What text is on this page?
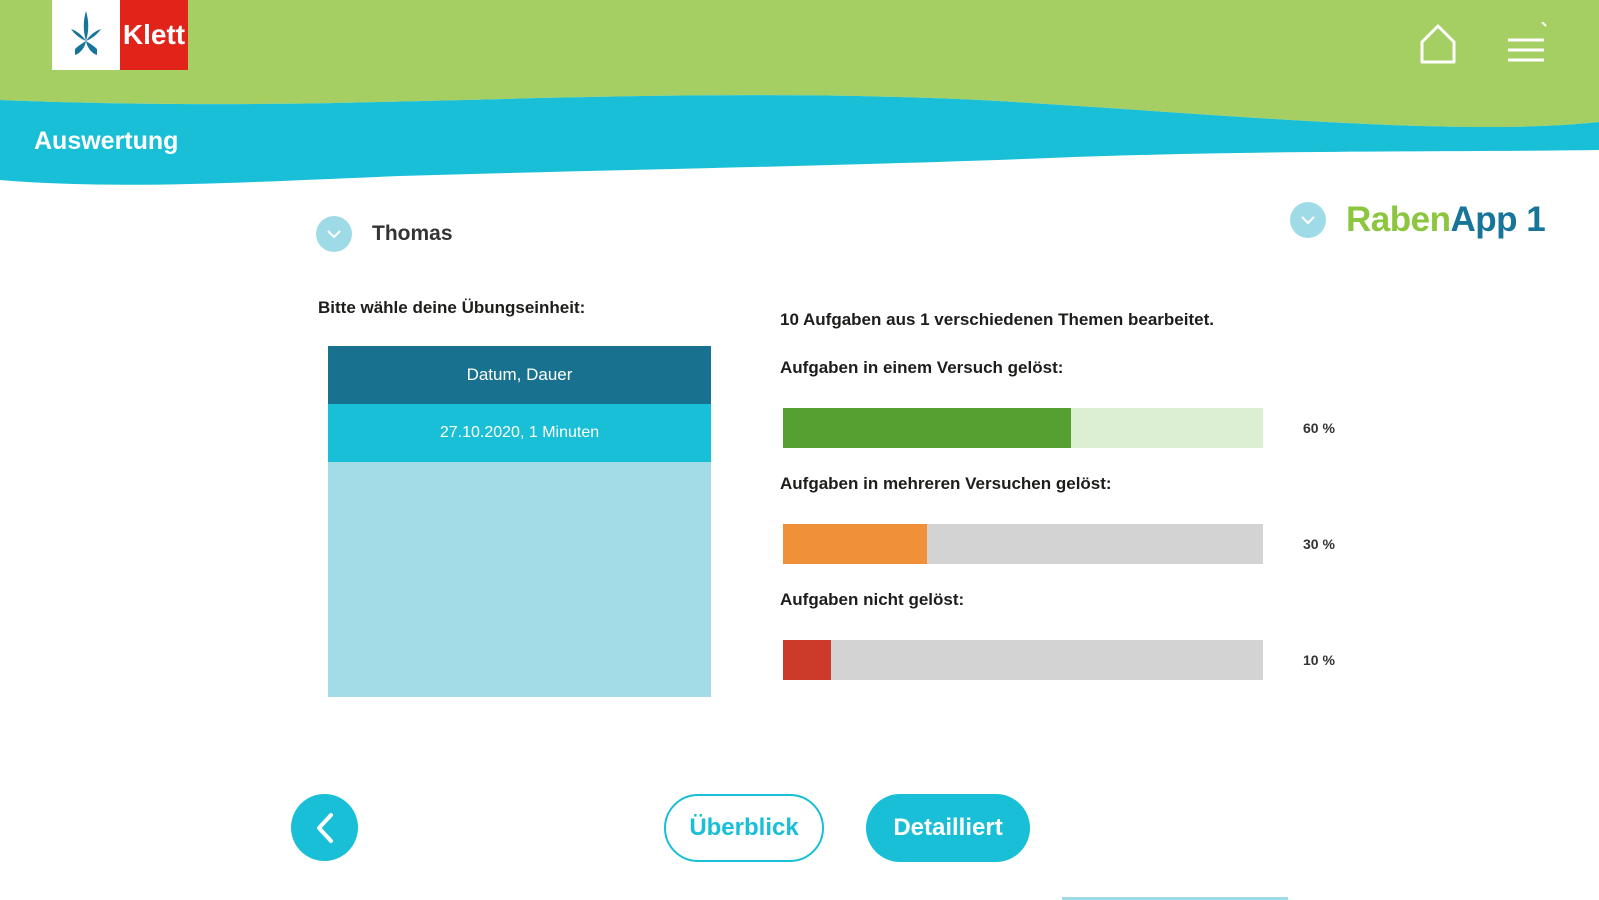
Klett
Auswertung
Thomas	RabenApp 1
Bitte wähle deine Übungseinheit:
Datum, Dauer
27.10.2020, 1 Minuten
10 Aufgaben aus 1 verschiedenen Themen bearbeitet.
Aufgaben in einem Versuch gelöst:
60 %
Aufgaben in mehreren Versuchen gelöst:
30 %
Aufgaben nicht gelöst:
10 %
Überblick	Detailliert
